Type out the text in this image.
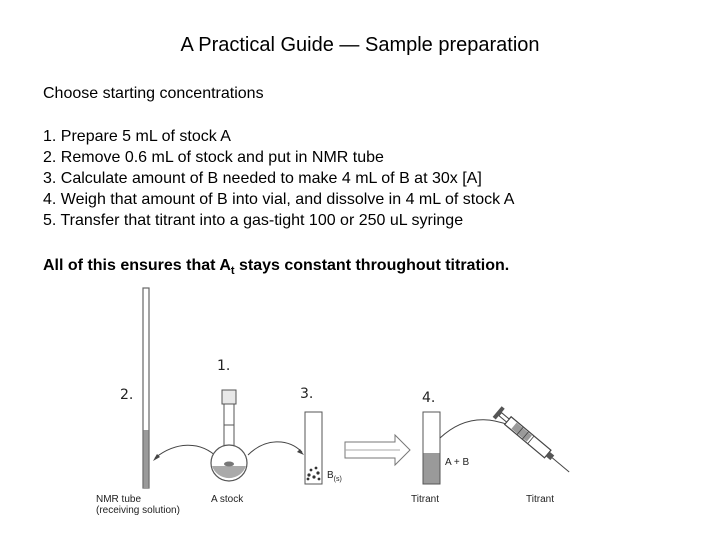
A Practical Guide — Sample preparation
Choose starting concentrations
1. Prepare 5 mL of stock A
2. Remove 0.6 mL of stock and put in NMR tube
3. Calculate amount of B needed to make 4 mL of B at 30x [A]
4. Weigh that amount of B into vial, and dissolve in 4 mL of stock A
5. Transfer that titrant into a gas-tight 100 or 250 uL syringe
All of this ensures that $A_t$ stays constant throughout titration.
1.
2.	3.	4.
NMR tube
(receiving solution)
A stock
$B_{(s)}$
A + B
Titrant	Titrant
